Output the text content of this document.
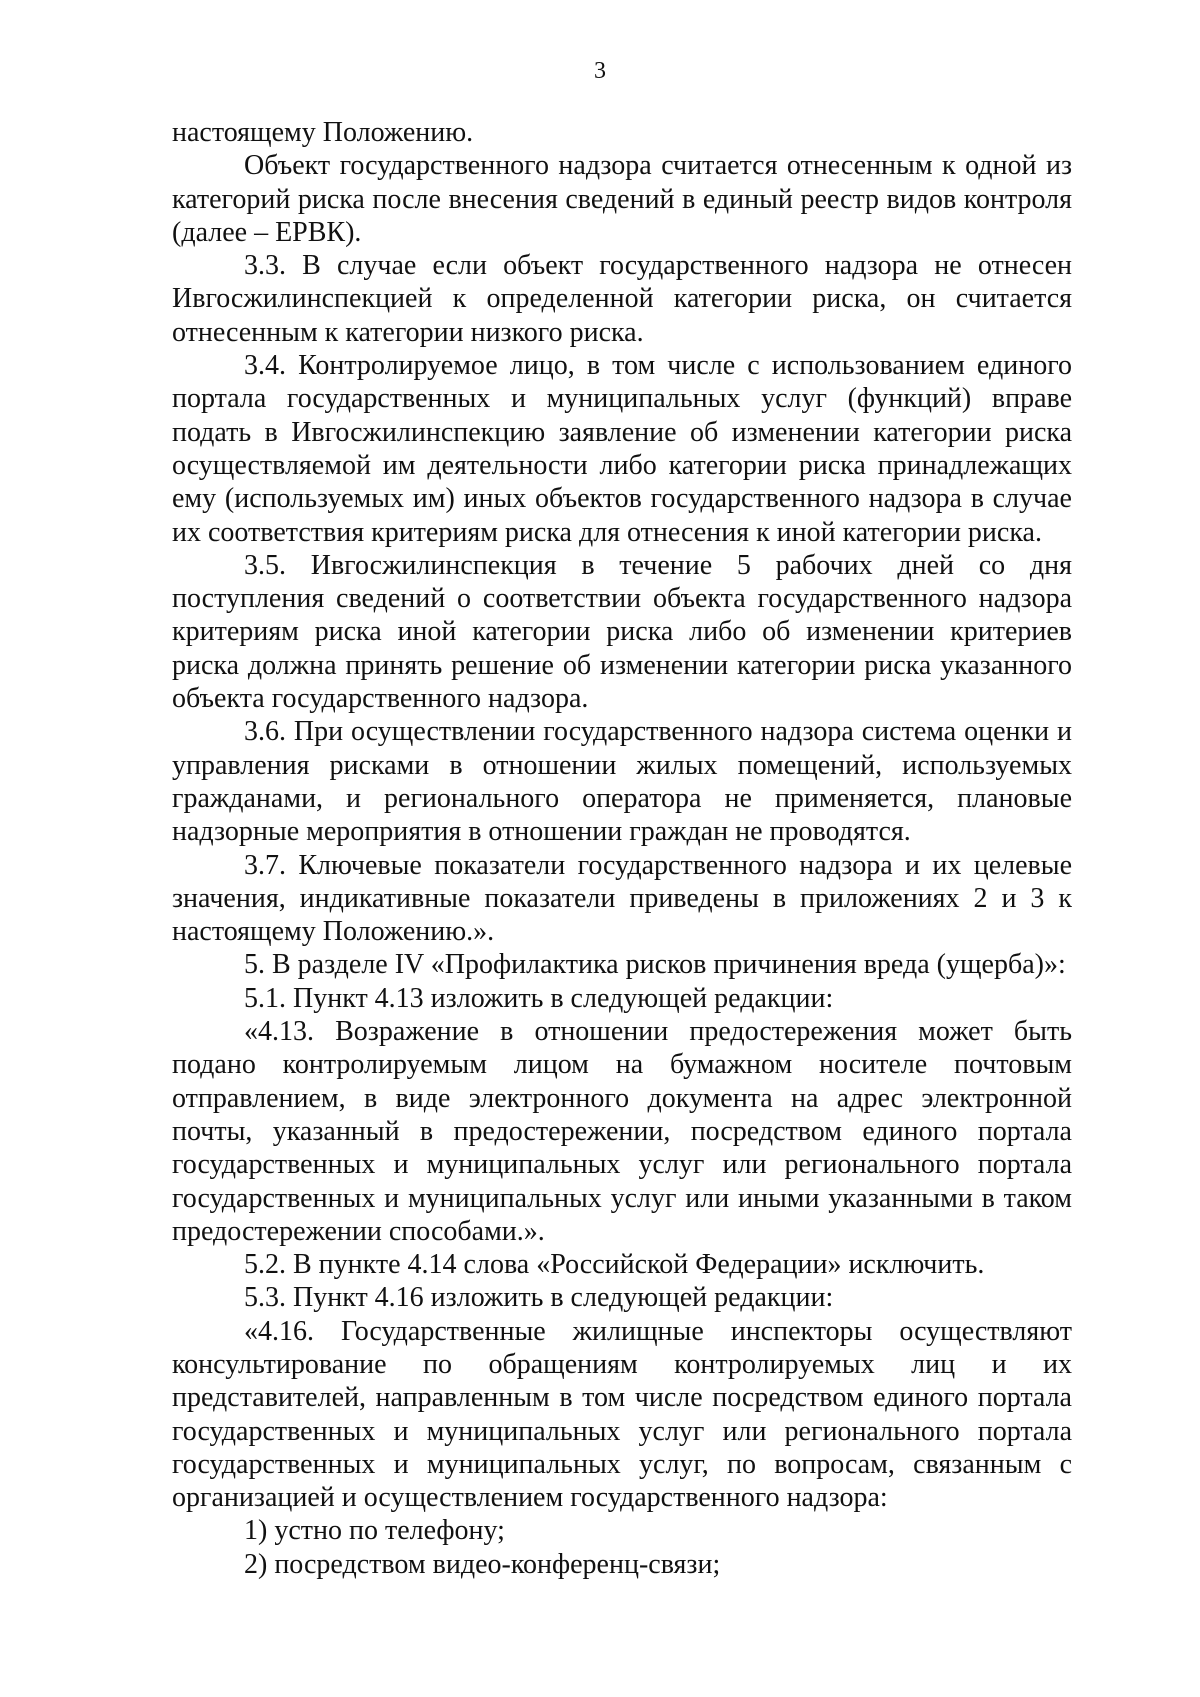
3

настоящему Положению.

Объект государственного надзора считается отнесенным к одной из категорий риска после внесения сведений в единый реестр видов контроля (далее – ЕРВК).

3.3. В случае если объект государственного надзора не отнесен Ивгосжилинспекцией к определенной категории риска, он считается отнесенным к категории низкого риска.

3.4. Контролируемое лицо, в том числе с использованием единого портала государственных и муниципальных услуг (функций) вправе подать в Ивгосжилинспекцию заявление об изменении категории риска осуществляемой им деятельности либо категории риска принадлежащих ему (используемых им) иных объектов государственного надзора в случае их соответствия критериям риска для отнесения к иной категории риска.

3.5. Ивгосжилинспекция в течение 5 рабочих дней со дня поступления сведений о соответствии объекта государственного надзора критериям риска иной категории риска либо об изменении критериев риска должна принять решение об изменении категории риска указанного объекта государственного надзора.

3.6. При осуществлении государственного надзора система оценки и управления рисками в отношении жилых помещений, используемых гражданами, и регионального оператора не применяется, плановые надзорные мероприятия в отношении граждан не проводятся.

3.7. Ключевые показатели государственного надзора и их целевые значения, индикативные показатели приведены в приложениях 2 и 3 к настоящему Положению.».

5. В разделе IV «Профилактика рисков причинения вреда (ущерба)»:

5.1. Пункт 4.13 изложить в следующей редакции:

«4.13. Возражение в отношении предостережения может быть подано контролируемым лицом на бумажном носителе почтовым отправлением, в виде электронного документа на адрес электронной почты, указанный в предостережении, посредством единого портала государственных и муниципальных услуг или регионального портала государственных и муниципальных услуг или иными указанными в таком предостережении способами.».

5.2. В пункте 4.14 слова «Российской Федерации» исключить.

5.3. Пункт 4.16 изложить в следующей редакции:

«4.16. Государственные жилищные инспекторы осуществляют консультирование по обращениям контролируемых лиц и их представителей, направленным в том числе посредством единого портала государственных и муниципальных услуг или регионального портала государственных и муниципальных услуг, по вопросам, связанным с организацией и осуществлением государственного надзора:

1) устно по телефону;

2) посредством видео-конференц-связи;
